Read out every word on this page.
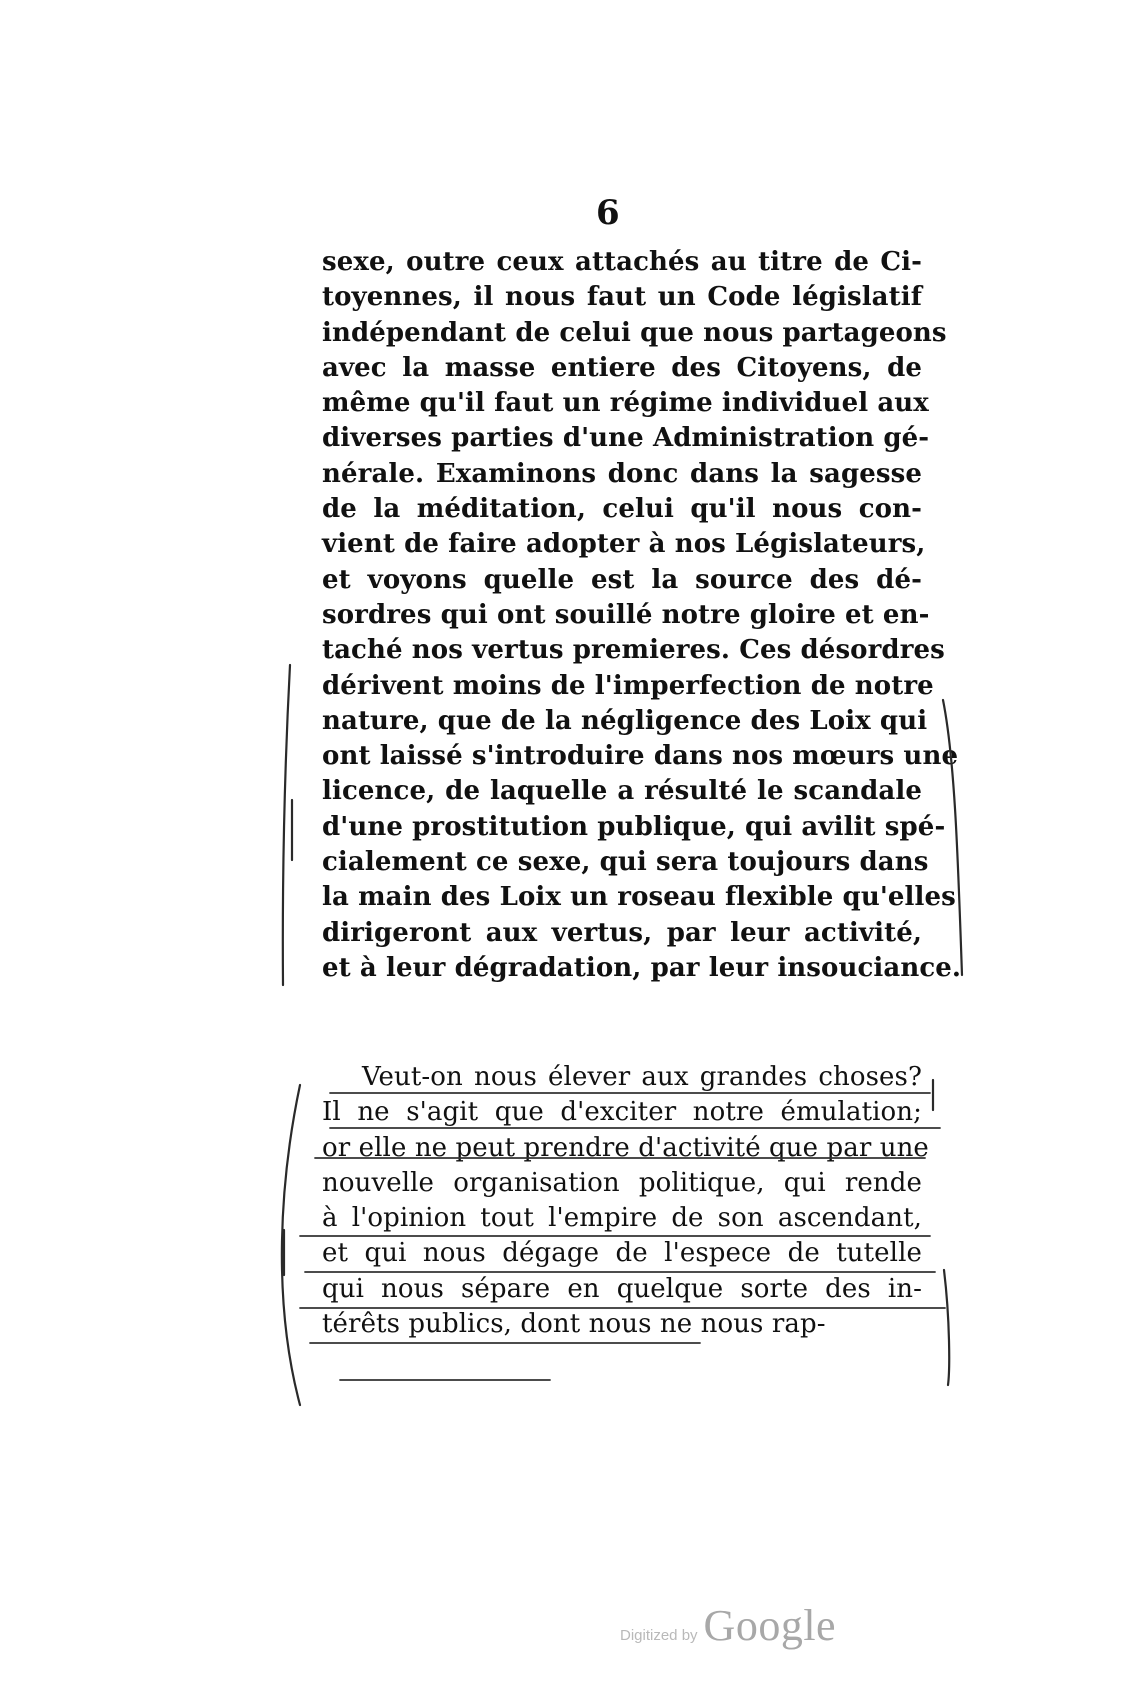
6
sexe, outre ceux attachés au titre de Ci-
toyennes, il nous faut un Code législatif
indépendant de celui que nous partageons
avec la masse entiere des Citoyens, de
même qu'il faut un régime individuel aux
diverses parties d'une Administration gé-
nérale. Examinons donc dans la sagesse
de la méditation, celui qu'il nous con-
vient de faire adopter à nos Législateurs,
et voyons quelle est la source des dé-
sordres qui ont souillé notre gloire et en-
taché nos vertus premieres. Ces désordres
dérivent moins de l'imperfection de notre
nature, que de la négligence des Loix qui
ont laissé s'introduire dans nos mœurs une
licence, de laquelle a résulté le scandale
d'une prostitution publique, qui avilit spé-
cialement ce sexe, qui sera toujours dans
la main des Loix un roseau flexible qu'elles
dirigeront aux vertus, par leur activité,
et à leur dégradation, par leur insouciance.
Veut-on nous élever aux grandes choses?
Il ne s'agit que d'exciter notre émulation;
or elle ne peut prendre d'activité que par une
nouvelle organisation politique, qui rende
à l'opinion tout l'empire de son ascendant,
et qui nous dégage de l'espece de tutelle
qui nous sépare en quelque sorte des in-
térêts publics, dont nous ne nous rap-
Digitized by Google
